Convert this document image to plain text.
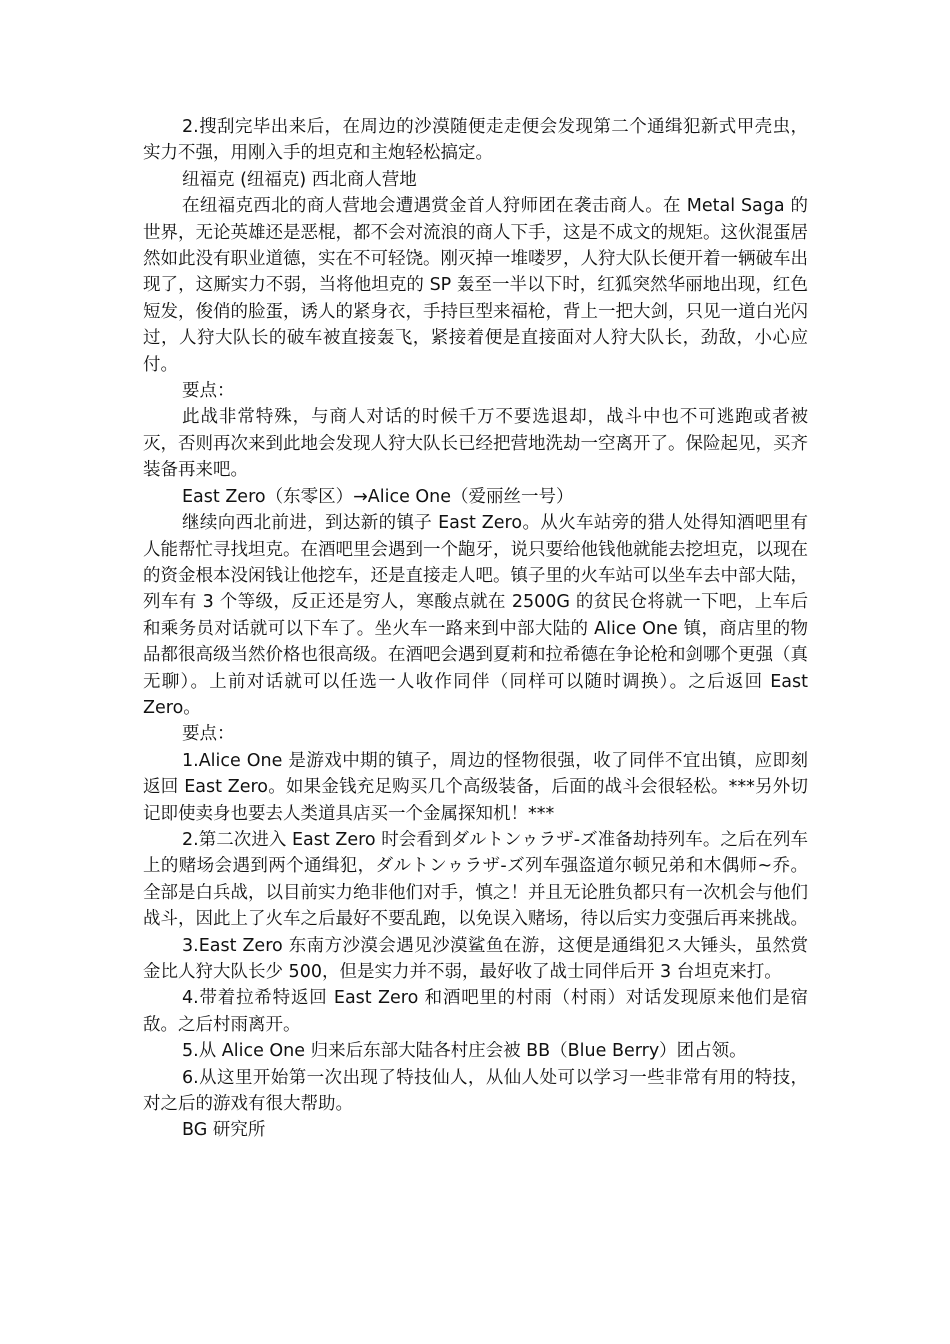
2.搜刮完毕出来后，在周边的沙漠随便走走便会发现第二个通缉犯新式甲壳虫，实力不强，用刚入手的坦克和主炮轻松搞定。

纽福克 (纽福克) 西北商人营地

在纽福克西北的商人营地会遭遇赏金首人狩师团在袭击商人。在 Metal Saga 的世界，无论英雄还是恶棍，都不会对流浪的商人下手，这是不成文的规矩。这伙混蛋居然如此没有职业道德，实在不可轻饶。刚灭掉一堆喽罗，人狩大队长便开着一辆破车出现了，这厮实力不弱，当将他坦克的 SP 轰至一半以下时，红狐突然华丽地出现，红色短发，俊俏的脸蛋，诱人的紧身衣，手持巨型来福枪，背上一把大剑，只见一道白光闪过，人狩大队长的破车被直接轰飞，紧接着便是直接面对人狩大队长，劲敌，小心应付。

要点：

此战非常特殊，与商人对话的时候千万不要选退却，战斗中也不可逃跑或者被灭，否则再次来到此地会发现人狩大队长已经把营地洗劫一空离开了。保险起见，买齐装备再来吧。

East Zero（东零区）→Alice One（爱丽丝一号）

继续向西北前进，到达新的镇子 East Zero。从火车站旁的猎人处得知酒吧里有人能帮忙寻找坦克。在酒吧里会遇到一个龅牙，说只要给他钱他就能去挖坦克，以现在的资金根本没闲钱让他挖车，还是直接走人吧。镇子里的火车站可以坐车去中部大陆，列车有 3 个等级，反正还是穷人，寒酸点就在 2500G 的贫民仓将就一下吧，上车后和乘务员对话就可以下车了。坐火车一路来到中部大陆的 Alice One 镇，商店里的物品都很高级当然价格也很高级。在酒吧会遇到夏莉和拉希德在争论枪和剑哪个更强（真无聊）。上前对话就可以任选一人收作同伴（同样可以随时调换）。之后返回 East Zero。

要点：

1.Alice One 是游戏中期的镇子，周边的怪物很强，收了同伴不宜出镇，应即刻返回 East Zero。如果金钱充足购买几个高级装备，后面的战斗会很轻松。***另外切记即使卖身也要去人类道具店买一个金属探知机！***

2.第二次进入 East Zero 时会看到ダルトンゥラザ-ズ准备劫持列车。之后在列车上的赌场会遇到两个通缉犯，ダルトンゥラザ-ズ列车强盗道尔顿兄弟和木偶师~乔。全部是白兵战，以目前实力绝非他们对手，慎之！并且无论胜负都只有一次机会与他们战斗，因此上了火车之后最好不要乱跑，以免误入赌场，待以后实力变强后再来挑战。

3.East Zero 东南方沙漠会遇见沙漠鲨鱼在游，这便是通缉犯ス大锤头，虽然赏金比人狩大队长少 500，但是实力并不弱，最好收了战士同伴后开 3 台坦克来打。

4.带着拉希特返回 East Zero 和酒吧里的村雨（村雨）对话发现原来他们是宿敌。之后村雨离开。

5.从 Alice One 归来后东部大陆各村庄会被 BB（Blue Berry）团占领。

6.从这里开始第一次出现了特技仙人，从仙人处可以学习一些非常有用的特技，对之后的游戏有很大帮助。

BG 研究所
